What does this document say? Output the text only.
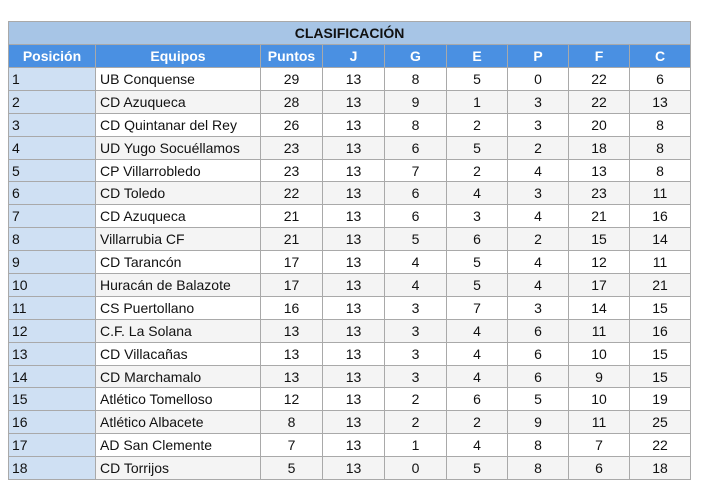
CLASIFICACIÓN								
Posición	Equipos	Puntos	J	G	E	P	F	C
1	UB Conquense	29	13	8	5	0	22	6
2	CD Azuqueca	28	13	9	1	3	22	13
3	CD Quintanar del Rey	26	13	8	2	3	20	8
4	UD Yugo Socuéllamos	23	13	6	5	2	18	8
5	CP Villarrobledo	23	13	7	2	4	13	8
6	CD Toledo	22	13	6	4	3	23	11
7	CD Azuqueca	21	13	6	3	4	21	16
8	Villarrubia CF	21	13	5	6	2	15	14
9	CD Tarancón	17	13	4	5	4	12	11
10	Huracán de Balazote	17	13	4	5	4	17	21
11	CS Puertollano	16	13	3	7	3	14	15
12	C.F. La Solana	13	13	3	4	6	11	16
13	CD Villacañas	13	13	3	4	6	10	15
14	CD Marchamalo	13	13	3	4	6	9	15
15	Atlético Tomelloso	12	13	2	6	5	10	19
16	Atlético Albacete	8	13	2	2	9	11	25
17	AD San Clemente	7	13	1	4	8	7	22
18	CD Torrijos	5	13	0	5	8	6	18
